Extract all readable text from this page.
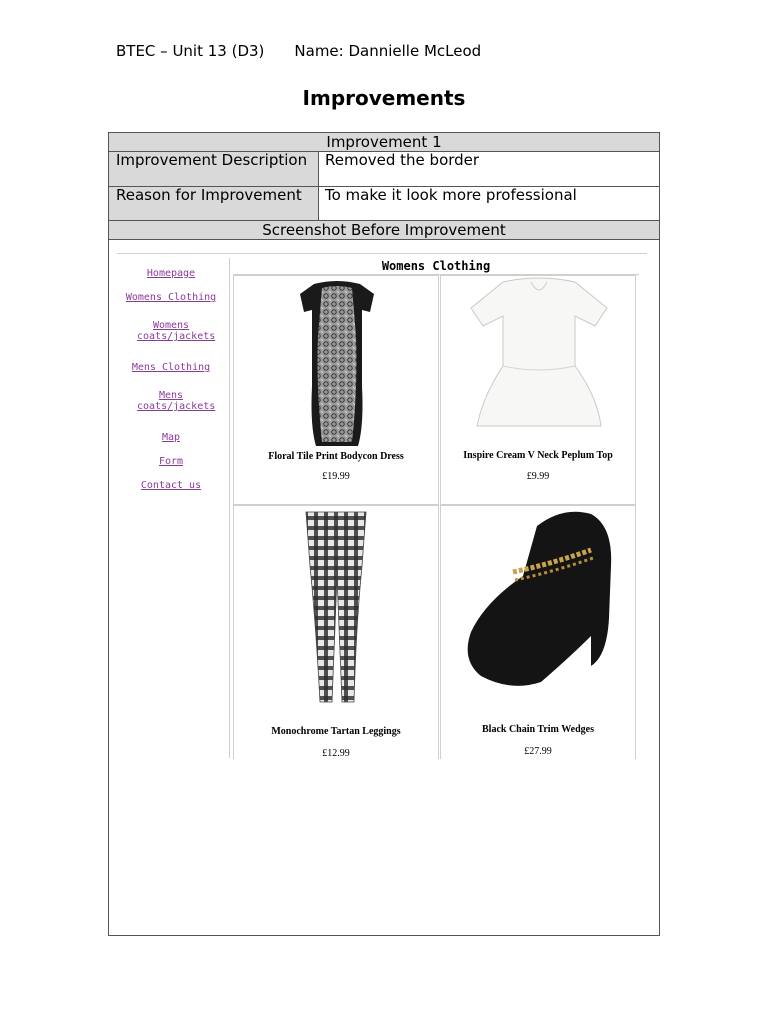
BTEC – Unit 13 (D3) Name: Dannielle McLeod
Improvements
Improvement 1
Improvement Description	Removed the border
Reason for Improvement	To make it look more professional
Screenshot Before Improvement
Homepage
Womens Clothing
Womens coats/jackets
Mens Clothing
Mens coats/jackets
Map
Form
Contact us
Womens Clothing
Floral Tile Print Bodycon Dress
£19.99
Inspire Cream V Neck Peplum Top
£9.99
Monochrome Tartan Leggings
£12.99
Black Chain Trim Wedges
£27.99
